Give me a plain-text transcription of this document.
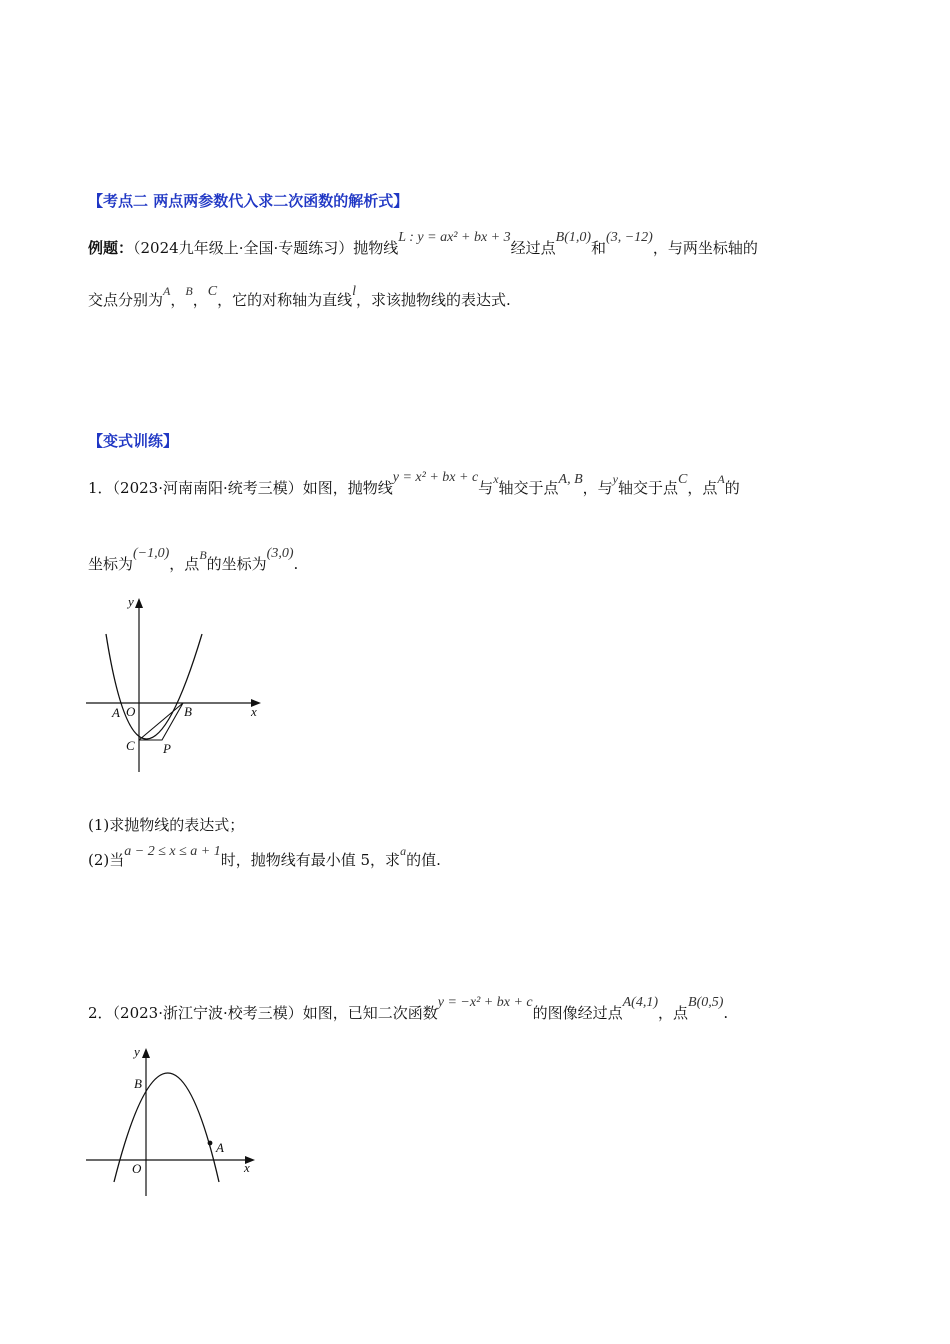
【考点二 两点两参数代入求二次函数的解析式】
例题：（2024九年级上·全国·专题练习）抛物线L : y = ax² + bx + 3经过点B(1,0)和(3, −12)，与两坐标轴的
交点分别为$^A$，$^B$，C，它的对称轴为直线l，求该抛物线的表达式.
【变式训练】
1．（2023·河南南阳·统考三模）如图，抛物线y = x² + bx + c与$^x$轴交于点A, B，与$^y$轴交于点C，点$^A$的
坐标为(−1,0)，点$^B$的坐标为(3,0).
y
x
A O	B
C P
(1)求抛物线的表达式；
(2)当a − 2 ≤ x ≤ a + 1时，抛物线有最小值 5，求$^a$的值.
2．（2023·浙江宁波·校考三模）如图，已知二次函数y = −x² + bx + c的图像经过点A(4,1)，点B(0,5).
y
x
B
A
O
